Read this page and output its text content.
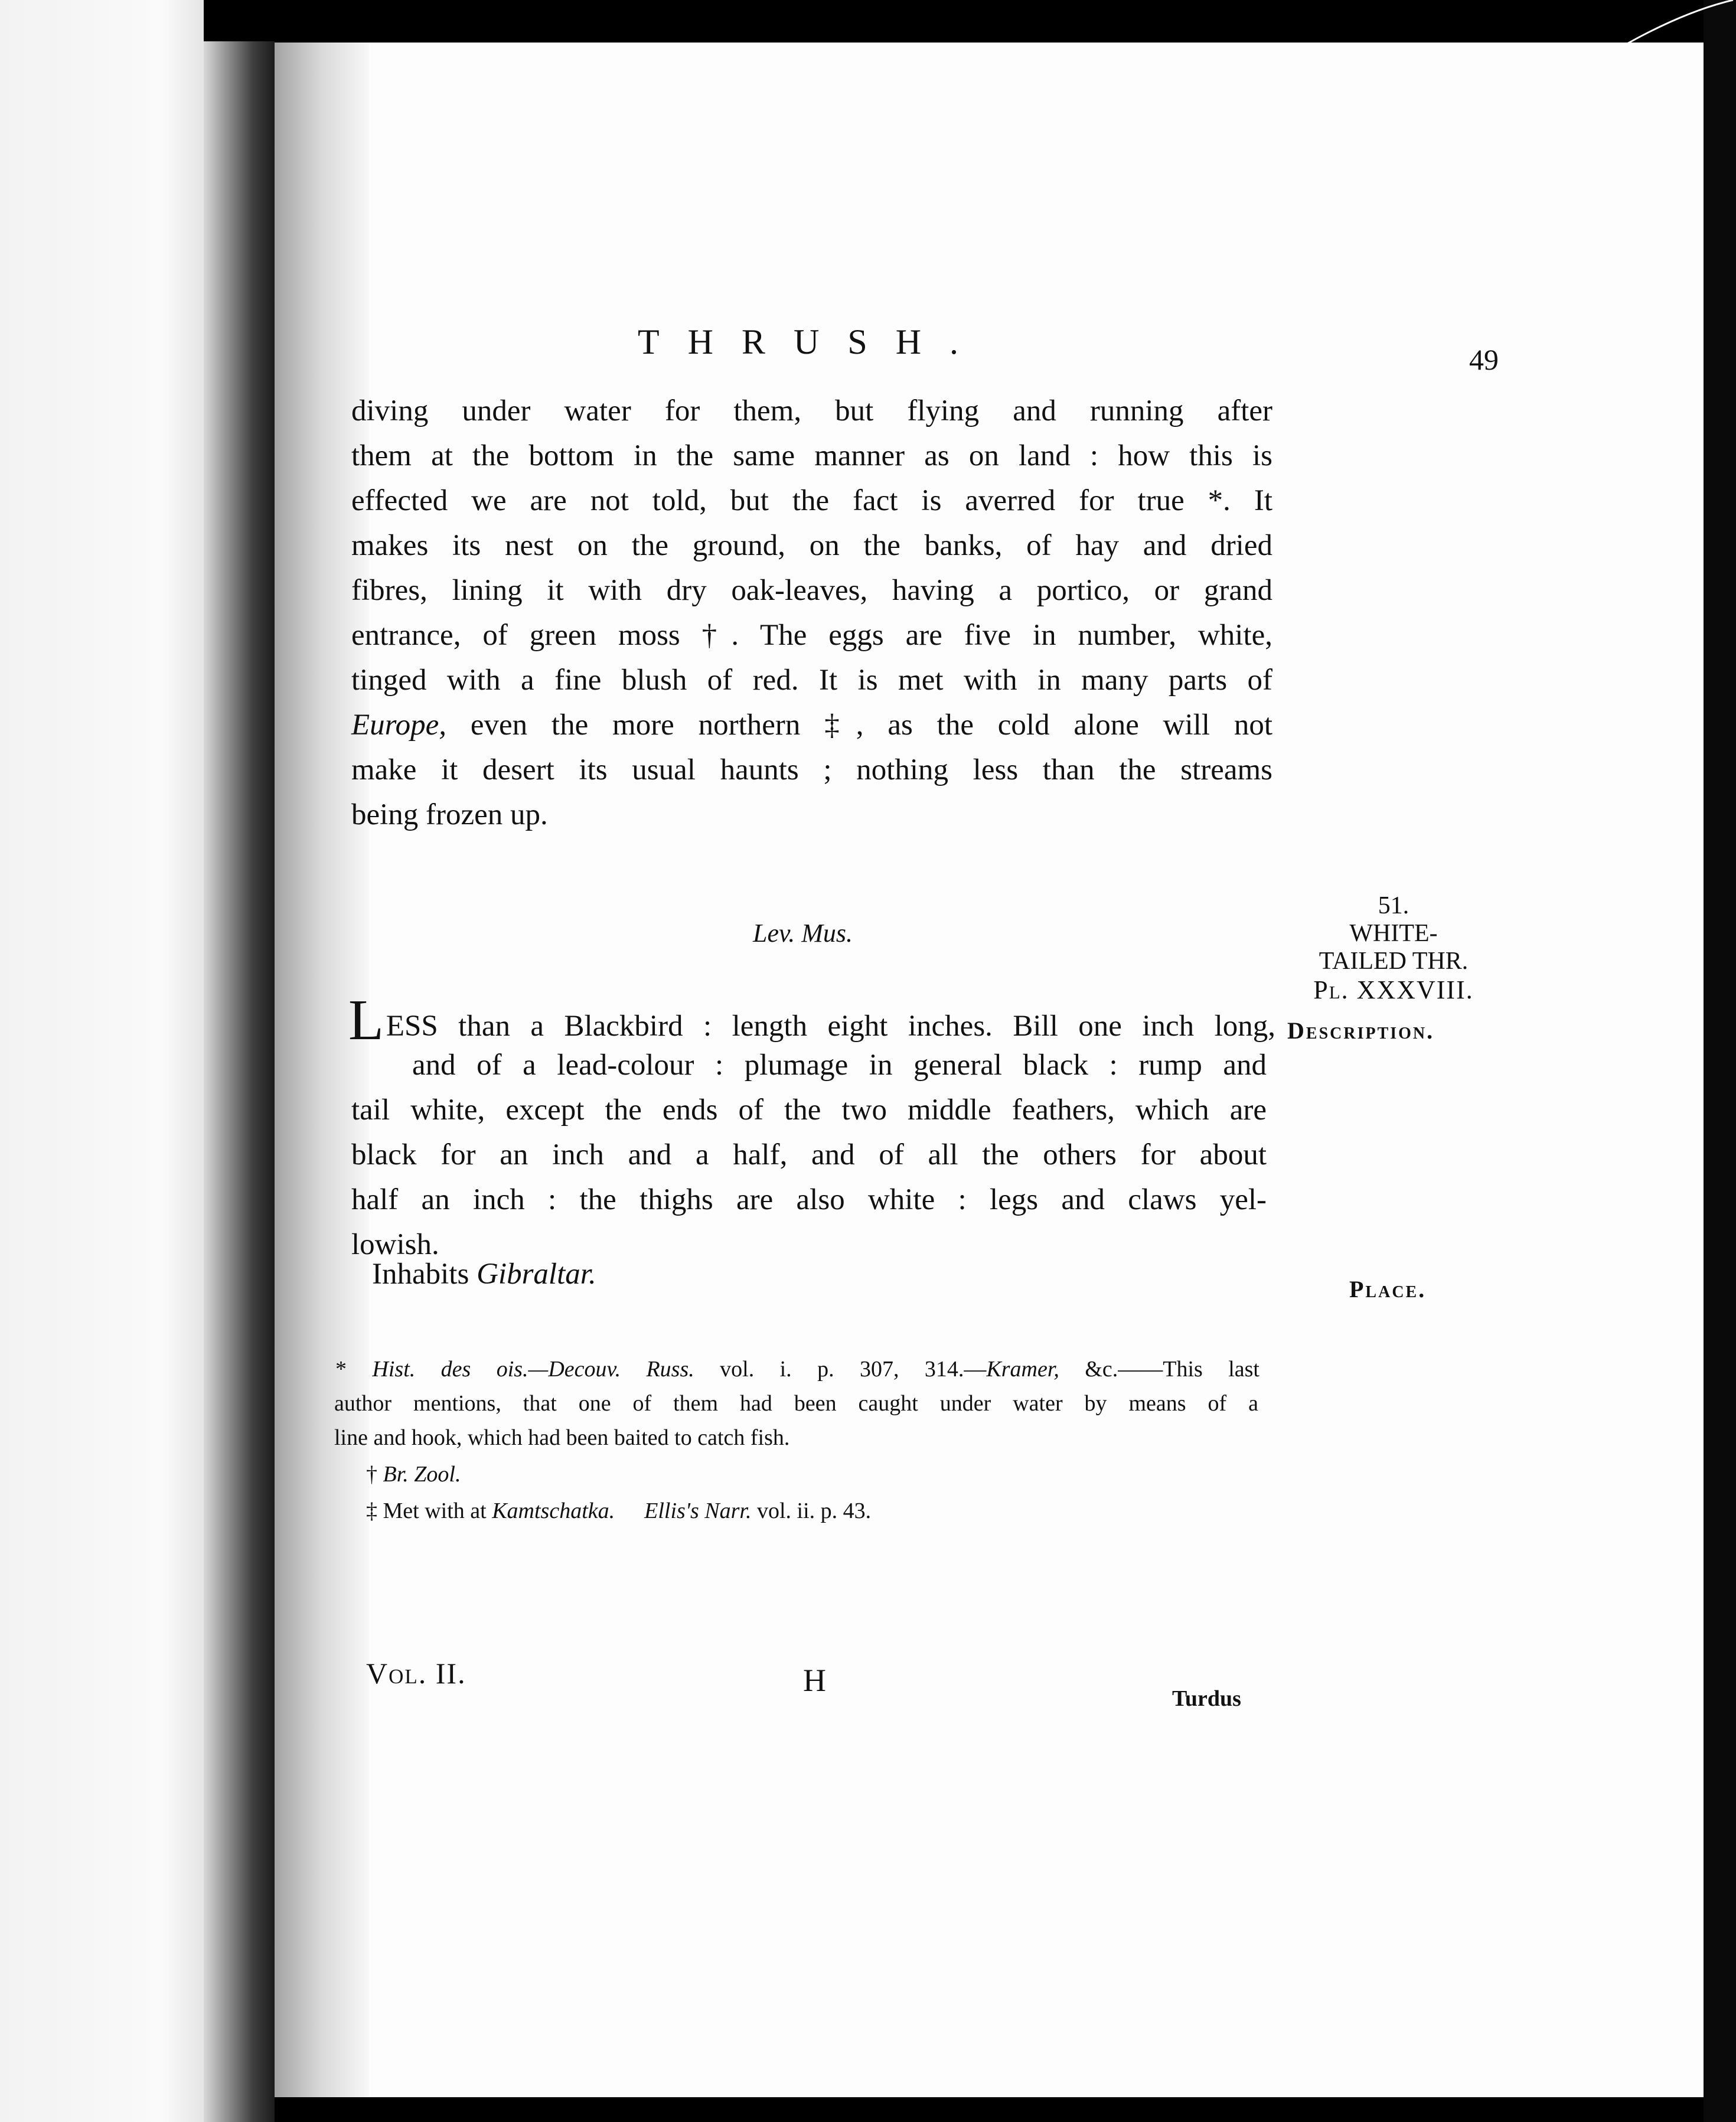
THRUSH.	49
diving under water for them, but flying and running after
them at the bottom in the same manner as on land : how this is
effected we are not told, but the fact is averred for true *. It
makes its nest on the ground, on the banks, of hay and dried
fibres, lining it with dry oak-leaves, having a portico, or grand
entrance, of green moss †. The eggs are five in number, white,
tinged with a fine blush of red. It is met with in many parts of
Europe, even the more northern ‡, as the cold alone will not
make it desert its usual haunts ; nothing less than the streams
being frozen up.
Lev. Mus.
51.
WHITE-
TAILED THR.
Pl. XXXVIII.
Description.
LESS than a Blackbird : length eight inches. Bill one inch long,
and of a lead-colour : plumage in general black : rump and
tail white, except the ends of the two middle feathers, which are
black for an inch and a half, and of all the others for about
half an inch : the thighs are also white : legs and claws yel-
lowish.
Inhabits Gibraltar.	Place.
* Hist. des ois.—Decouv. Russ. vol. i. p. 307, 314.—Kramer, &c.——This last
author mentions, that one of them had been caught under water by means of a
line and hook, which had been baited to catch fish.
† Br. Zool.
‡ Met with at Kamtschatka. Ellis's Narr. vol. ii. p. 43.
Vol. II.	H
Turdus
